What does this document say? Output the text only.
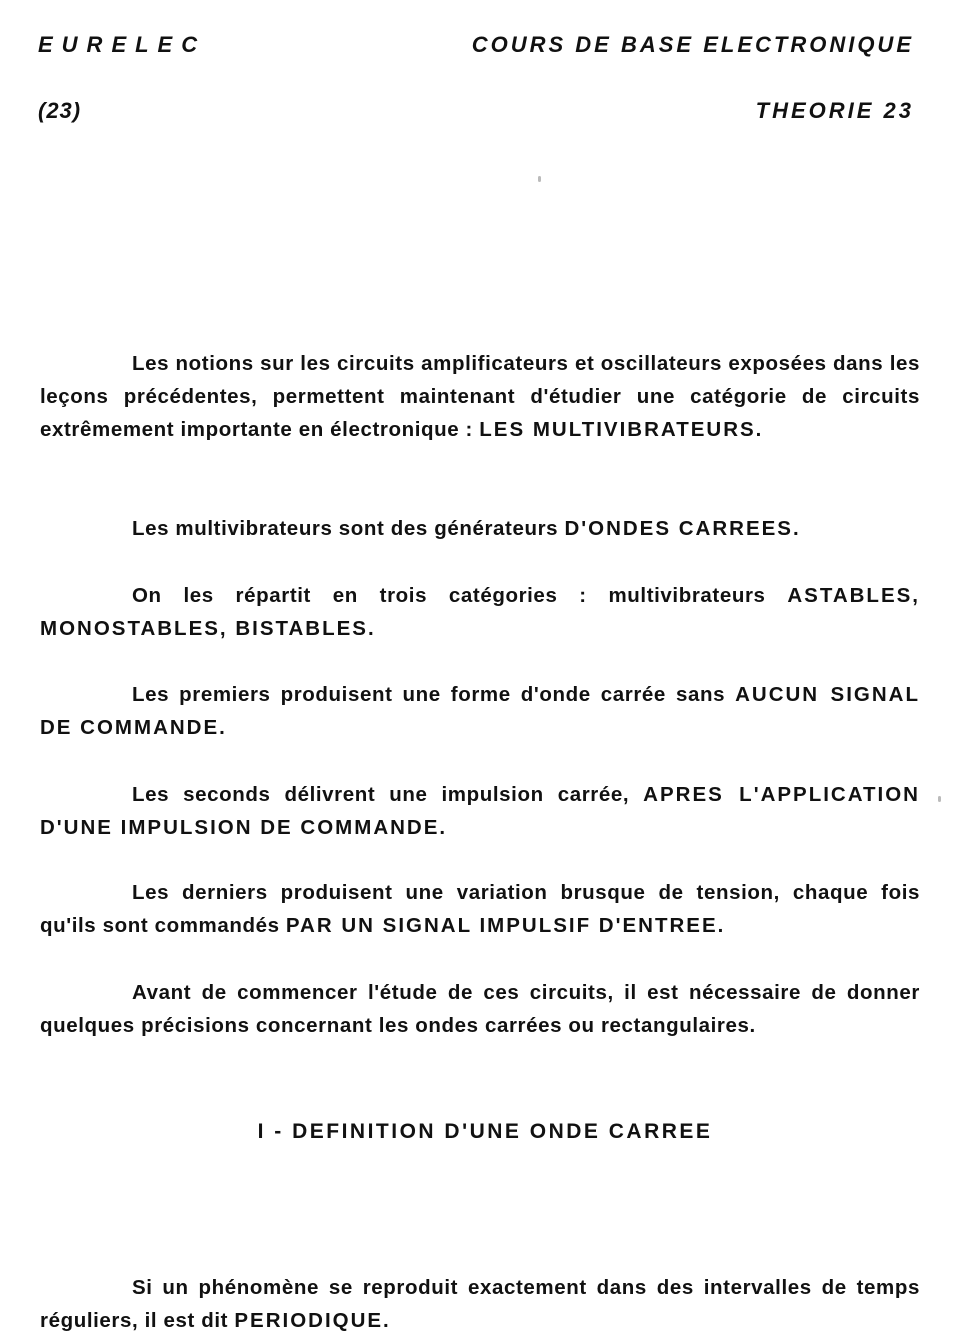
EURELEC	COURS DE BASE ELECTRONIQUE
(23)	THEORIE 23

Les notions sur les circuits amplificateurs et oscillateurs exposées dans les leçons précédentes, permettent maintenant d'étudier une catégorie de circuits extrêmement importante en électronique : LES MULTIVIBRATEURS.

Les multivibrateurs sont des générateurs D'ONDES CARREES.

On les répartit en trois catégories : multivibrateurs ASTABLES, MONOSTABLES, BISTABLES.

Les premiers produisent une forme d'onde carrée sans AUCUN SIGNAL DE COMMANDE.

Les seconds délivrent une impulsion carrée, APRES L'APPLICATION D'UNE IMPULSION DE COMMANDE.

Les derniers produisent une variation brusque de tension, chaque fois qu'ils sont commandés PAR UN SIGNAL IMPULSIF D'ENTREE.

Avant de commencer l'étude de ces circuits, il est nécessaire de donner quelques précisions concernant les ondes carrées ou rectangulaires.

I - DEFINITION D'UNE ONDE CARREE

Si un phénomène se reproduit exactement dans des intervalles de temps réguliers, il est dit PERIODIQUE.
